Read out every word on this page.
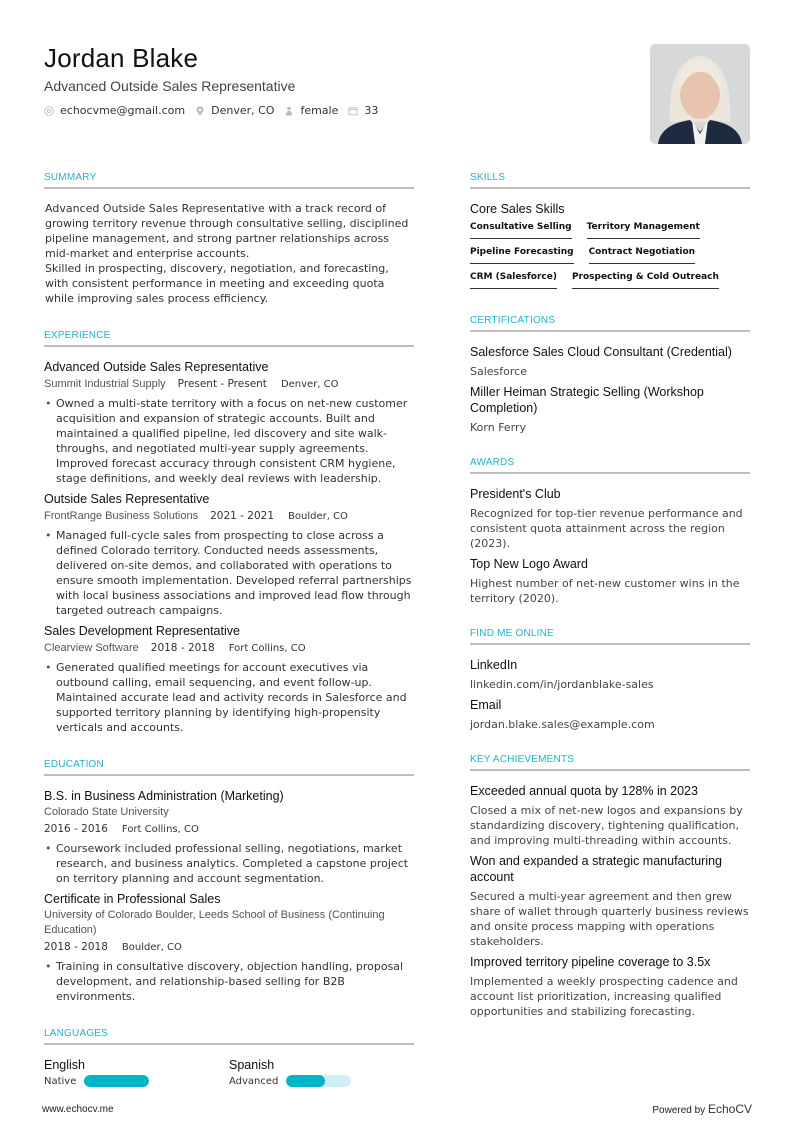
Jordan Blake
Advanced Outside Sales Representative
echocvme@gmail.com Denver, CO female 33
SUMMARY
Advanced Outside Sales Representative with a track record of growing territory revenue through consultative selling, disciplined pipeline management, and strong partner relationships across mid-market and enterprise accounts.
Skilled in prospecting, discovery, negotiation, and forecasting, with consistent performance in meeting and exceeding quota while improving sales process efficiency.
EXPERIENCE
Advanced Outside Sales Representative
Summit Industrial Supply Present - Present Denver, CO
• Owned a multi-state territory with a focus on net-new customer acquisition and expansion of strategic accounts. Built and maintained a qualified pipeline, led discovery and site walk-throughs, and negotiated multi-year supply agreements. Improved forecast accuracy through consistent CRM hygiene, stage definitions, and weekly deal reviews with leadership.
Outside Sales Representative
FrontRange Business Solutions 2021 - 2021 Boulder, CO
• Managed full-cycle sales from prospecting to close across a defined Colorado territory. Conducted needs assessments, delivered on-site demos, and collaborated with operations to ensure smooth implementation. Developed referral partnerships with local business associations and improved lead flow through targeted outreach campaigns.
Sales Development Representative
Clearview Software 2018 - 2018 Fort Collins, CO
• Generated qualified meetings for account executives via outbound calling, email sequencing, and event follow-up. Maintained accurate lead and activity records in Salesforce and supported territory planning by identifying high-propensity verticals and accounts.
EDUCATION
B.S. in Business Administration (Marketing)
Colorado State University
2016 - 2016 Fort Collins, CO
• Coursework included professional selling, negotiations, market research, and business analytics. Completed a capstone project on territory planning and account segmentation.
Certificate in Professional Sales
University of Colorado Boulder, Leeds School of Business (Continuing Education)
2018 - 2018 Boulder, CO
• Training in consultative discovery, objection handling, proposal development, and relationship-based selling for B2B environments.
LANGUAGES
English
Native
Spanish
Advanced
SKILLS
Core Sales Skills
Consultative Selling Territory Management
Pipeline Forecasting Contract Negotiation
CRM (Salesforce) Prospecting & Cold Outreach
CERTIFICATIONS
Salesforce Sales Cloud Consultant (Credential)
Salesforce
Miller Heiman Strategic Selling (Workshop Completion)
Korn Ferry
AWARDS
President's Club
Recognized for top-tier revenue performance and consistent quota attainment across the region (2023).
Top New Logo Award
Highest number of net-new customer wins in the territory (2020).
FIND ME ONLINE
LinkedIn
linkedin.com/in/jordanblake-sales
Email
jordan.blake.sales@example.com
KEY ACHIEVEMENTS
Exceeded annual quota by 128% in 2023
Closed a mix of net-new logos and expansions by standardizing discovery, tightening qualification, and improving multi-threading within accounts.
Won and expanded a strategic manufacturing account
Secured a multi-year agreement and then grew share of wallet through quarterly business reviews and onsite process mapping with operations stakeholders.
Improved territory pipeline coverage to 3.5x
Implemented a weekly prospecting cadence and account list prioritization, increasing qualified opportunities and stabilizing forecasting.
www.echocv.me	Powered by EchoCV
